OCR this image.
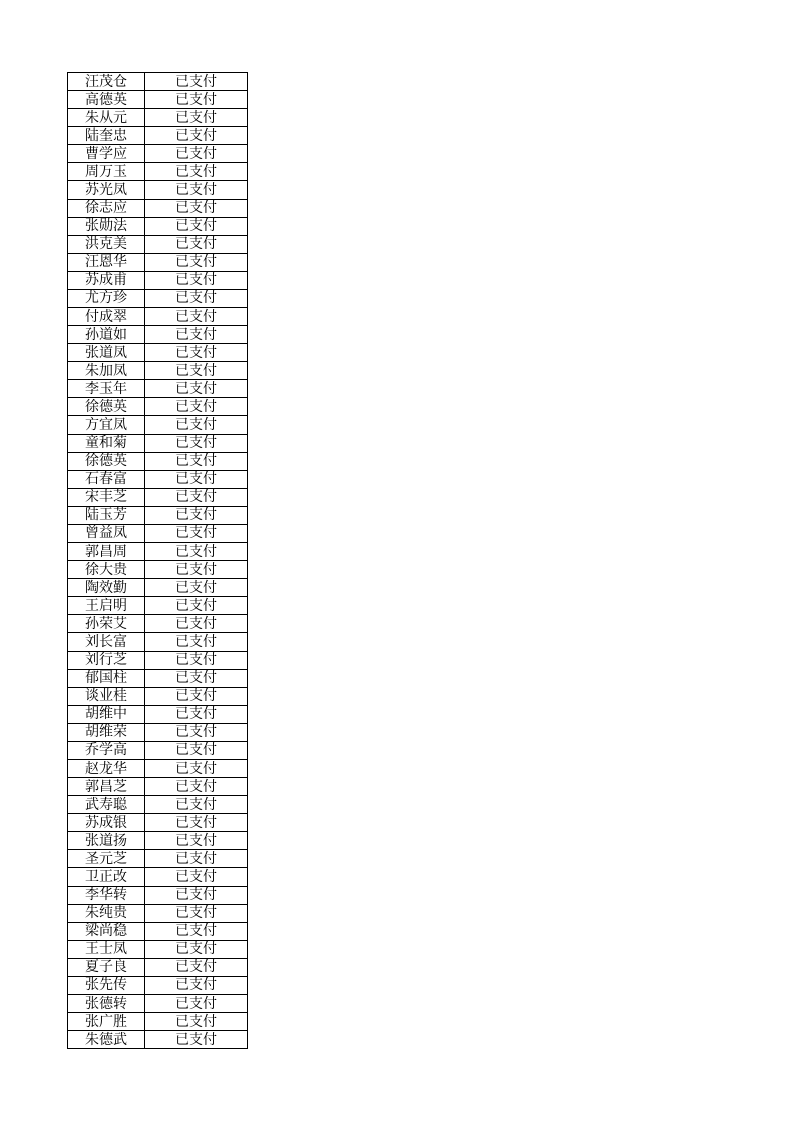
汪茂仓	已支付
高德英	已支付
朱从元	已支付
陆奎忠	已支付
曹学应	已支付
周万玉	已支付
苏光凤	已支付
徐志应	已支付
张勋法	已支付
洪克美	已支付
汪恩华	已支付
苏成甫	已支付
尤方珍	已支付
付成翠	已支付
孙道如	已支付
张道凤	已支付
朱加凤	已支付
李玉年	已支付
徐德英	已支付
方宜凤	已支付
童和菊	已支付
徐德英	已支付
石春富	已支付
宋丰芝	已支付
陆玉芳	已支付
曾益凤	已支付
郭昌周	已支付
徐大贵	已支付
陶效勤	已支付
王启明	已支付
孙荣艾	已支付
刘长富	已支付
刘行芝	已支付
郁国柱	已支付
谈业桂	已支付
胡维中	已支付
胡维荣	已支付
乔学高	已支付
赵龙华	已支付
郭昌芝	已支付
武寿聪	已支付
苏成银	已支付
张道扬	已支付
圣元芝	已支付
卫正改	已支付
李华转	已支付
朱纯贵	已支付
梁尚稳	已支付
王士凤	已支付
夏子良	已支付
张先传	已支付
张德转	已支付
张广胜	已支付
朱德武	已支付
